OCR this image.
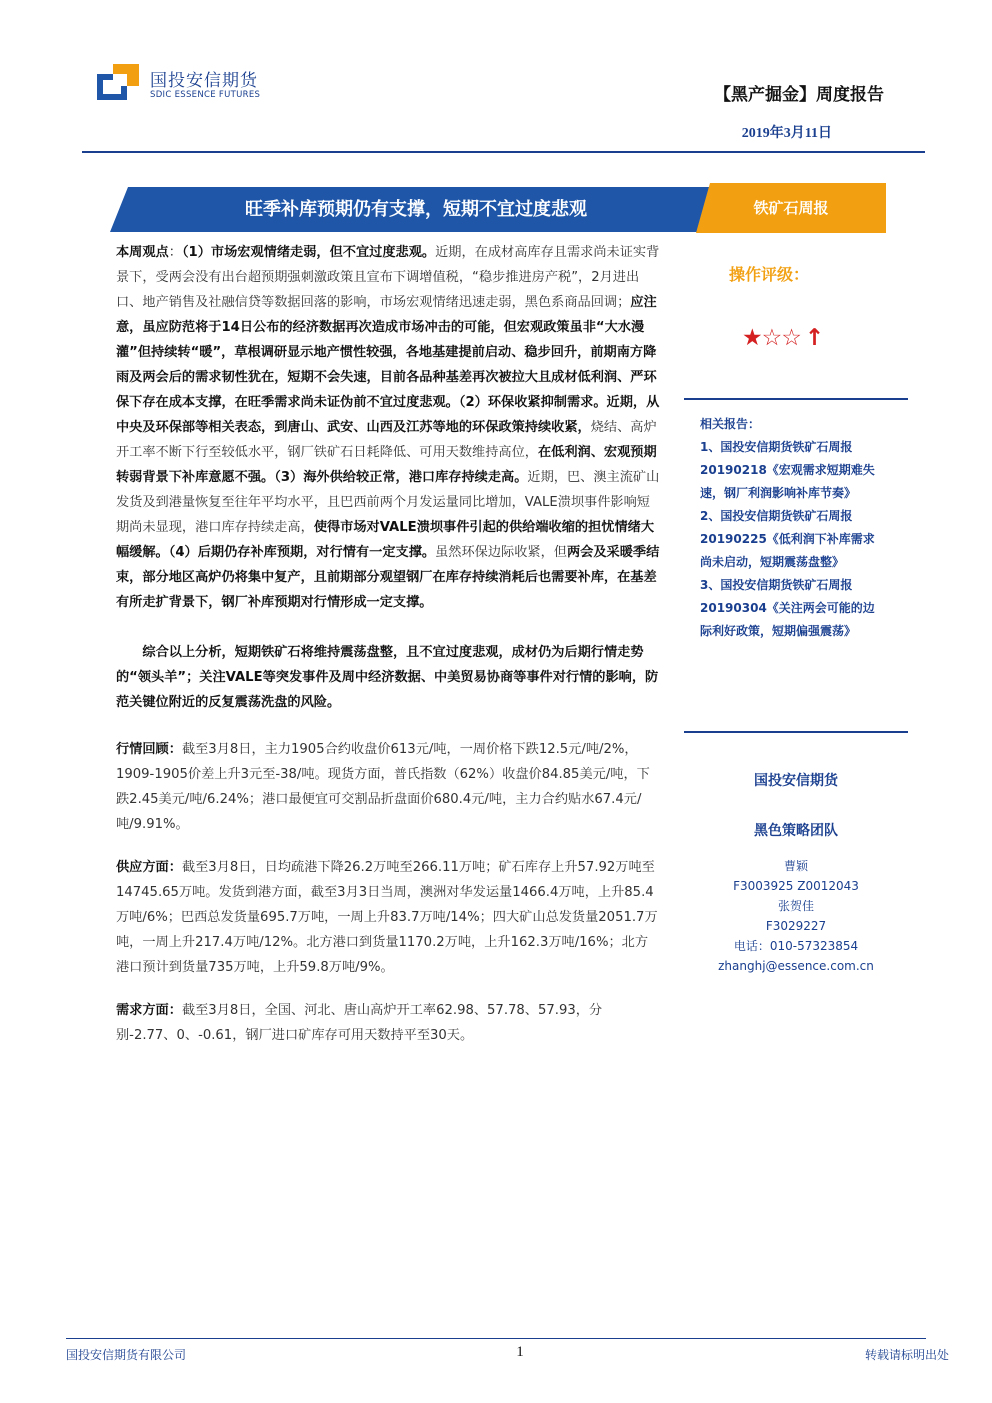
国投安信期货
SDIC ESSENCE FUTURES	【黑产掘金】周度报告
2019年3月11日
旺季补库预期仍有支撑，短期不宜过度悲观	铁矿石周报

本周观点：（1）市场宏观情绪走弱，但不宜过度悲观。近期，在成材高库存且需求尚未证实背景下，受两会没有出台超预期强刺激政策且宣布下调增值税，“稳步推进房产税”，2月进出口、地产销售及社融信贷等数据回落的影响，市场宏观情绪迅速走弱，黑色系商品回调；应注意，虽应防范将于14日公布的经济数据再次造成市场冲击的可能，但宏观政策虽非“大水漫灌”但持续转“暖”，草根调研显示地产惯性较强，各地基建提前启动、稳步回升，前期南方降雨及两会后的需求韧性犹在，短期不会失速，目前各品种基差再次被拉大且成材低利润、严环保下存在成本支撑，在旺季需求尚未证伪前不宜过度悲观。（2）环保收紧抑制需求。近期，从中央及环保部等相关表态，到唐山、武安、山西及江苏等地的环保政策持续收紧，烧结、高炉开工率不断下行至较低水平，钢厂铁矿石日耗降低、可用天数维持高位，在低利润、宏观预期转弱背景下补库意愿不强。（3）海外供给较正常，港口库存持续走高。近期，巴、澳主流矿山发货及到港量恢复至往年平均水平，且巴西前两个月发运量同比增加，VALE溃坝事件影响短期尚未显现，港口库存持续走高，使得市场对VALE溃坝事件引起的供给端收缩的担忧情绪大幅缓解。（4）后期仍存补库预期，对行情有一定支撑。虽然环保边际收紧，但两会及采暖季结束，部分地区高炉仍将集中复产，且前期部分观望钢厂在库存持续消耗后也需要补库，在基差有所走扩背景下，钢厂补库预期对行情形成一定支撑。

综合以上分析，短期铁矿石将维持震荡盘整，且不宜过度悲观，成材仍为后期行情走势的“领头羊”；关注VALE等突发事件及周中经济数据、中美贸易协商等事件对行情的影响，防范关键位附近的反复震荡洗盘的风险。

行情回顾：截至3月8日，主力1905合约收盘价613元/吨，一周价格下跌12.5元/吨/2%，1909-1905价差上升3元至-38/吨。现货方面，普氏指数（62%）收盘价84.85美元/吨，下跌2.45美元/吨/6.24%；港口最便宜可交割品折盘面价680.4元/吨，主力合约贴水67.4元/吨/9.91%。

供应方面：截至3月8日，日均疏港下降26.2万吨至266.11万吨；矿石库存上升57.92万吨至14745.65万吨。发货到港方面，截至3月3日当周，澳洲对华发运量1466.4万吨，上升85.4万吨/6%；巴西总发货量695.7万吨，一周上升83.7万吨/14%；四大矿山总发货量2051.7万吨，一周上升217.4万吨/12%。北方港口到货量1170.2万吨，上升162.3万吨/16%；北方港口预计到货量735万吨，上升59.8万吨/9%。

需求方面：截至3月8日，全国、河北、唐山高炉开工率62.98、57.78、57.93，分别-2.77、0、-0.61，钢厂进口矿库存可用天数持平至30天。

操作评级：
★☆☆ ↑
相关报告：
1、国投安信期货铁矿石周报
20190218《宏观需求短期难失
速，钢厂利润影响补库节奏》
2、国投安信期货铁矿石周报
20190225《低利润下补库需求
尚未启动，短期震荡盘整》
3、国投安信期货铁矿石周报
20190304《关注两会可能的边
际利好政策，短期偏强震荡》
国投安信期货
黑色策略团队
曹颖
F3003925 Z0012043
张贺佳
F3029227
电话：010-57323854
zhanghj@essence.com.cn
国投安信期货有限公司	1	转载请标明出处
